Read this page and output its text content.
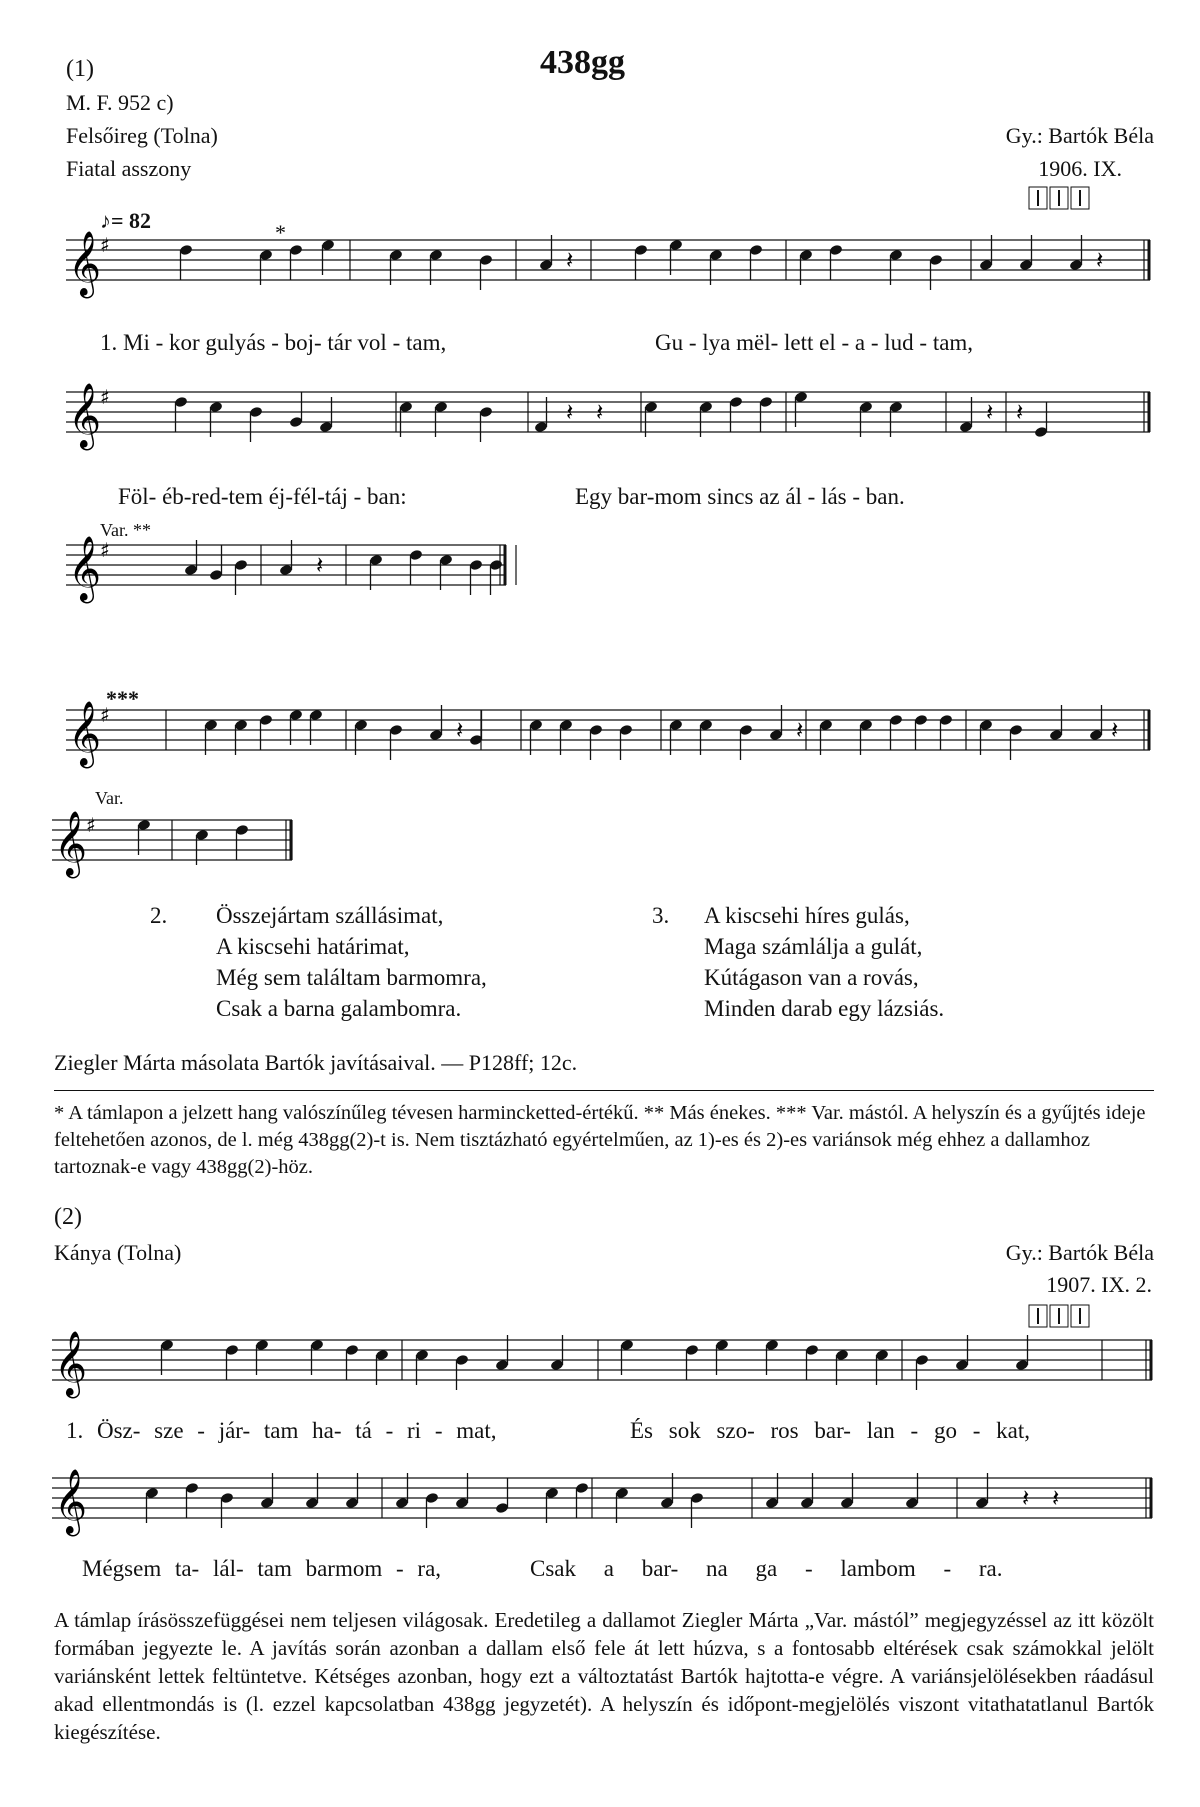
(1)	438gg
M. F. 952 c)
Felsőireg (Tolna)
Fiatal asszony
Gy.: Bartók Béla
1906. IX.
♪= 82	*
1. Mi - kor gulyás - boj- tár vol - tam,	Gu - lya mël- lett el - a - lud - tam,
Föl- éb-red-tem éj-fél-táj - ban:	Egy bar-mom sincs az ál - lás - ban.
Var. **
***
Var.
2. Összejártam szállásimat,
A kiscsehi határimat,
Még sem találtam barmomra,
Csak a barna galambomra.
3. A kiscsehi híres gulás,
Maga számlálja a gulát,
Kútágason van a rovás,
Minden darab egy lázsiás.
Ziegler Márta másolata Bartók javításaival. — P128ff; 12c.
* A támlapon a jelzett hang valószínűleg tévesen harmincketted-értékű. ** Más énekes. *** Var. mástól. A helyszín és a gyűjtés ideje feltehetően azonos, de l. még 438gg(2)-t is. Nem tisztázható egyértelműen, az 1)-es és 2)-es variánsok még ehhez a dallamhoz tartoznak-e vagy 438gg(2)-höz.
(2)
Kánya (Tolna)	Gy.: Bartók Béla
1907. IX. 2.
1. Ösz- sze - jár- tam ha- tá - ri - mat,	És sok szo- ros bar- lan - go - kat,
Mégsem ta- lál- tam barmom - ra,	Csak a bar- na ga - lambom - ra.
A támlap írásösszefüggései nem teljesen világosak. Eredetileg a dallamot Ziegler Márta „Var. mástól” megjegyzéssel az itt közölt formában jegyezte le. A javítás során azonban a dallam első fele át lett húzva, s a fontosabb eltérések csak számokkal jelölt variánsként lettek feltüntetve. Kétséges azonban, hogy ezt a változtatást Bartók hajtotta-e végre. A variánsjelölésekben ráadásul akad ellentmondás is (l. ezzel kapcsolatban 438gg jegyzetét). A helyszín és időpont-megjelölés viszont vitathatatlanul Bartók kiegészítése.
𝄞
♯
𝄽	𝄽
𝄞
♯
𝄽 𝄽	𝄽 𝄽
𝄞
♯
𝄽
𝄞
♯
𝄽	𝄽	𝄽
𝄞
♯
𝄞
𝄞	𝄽 𝄽
